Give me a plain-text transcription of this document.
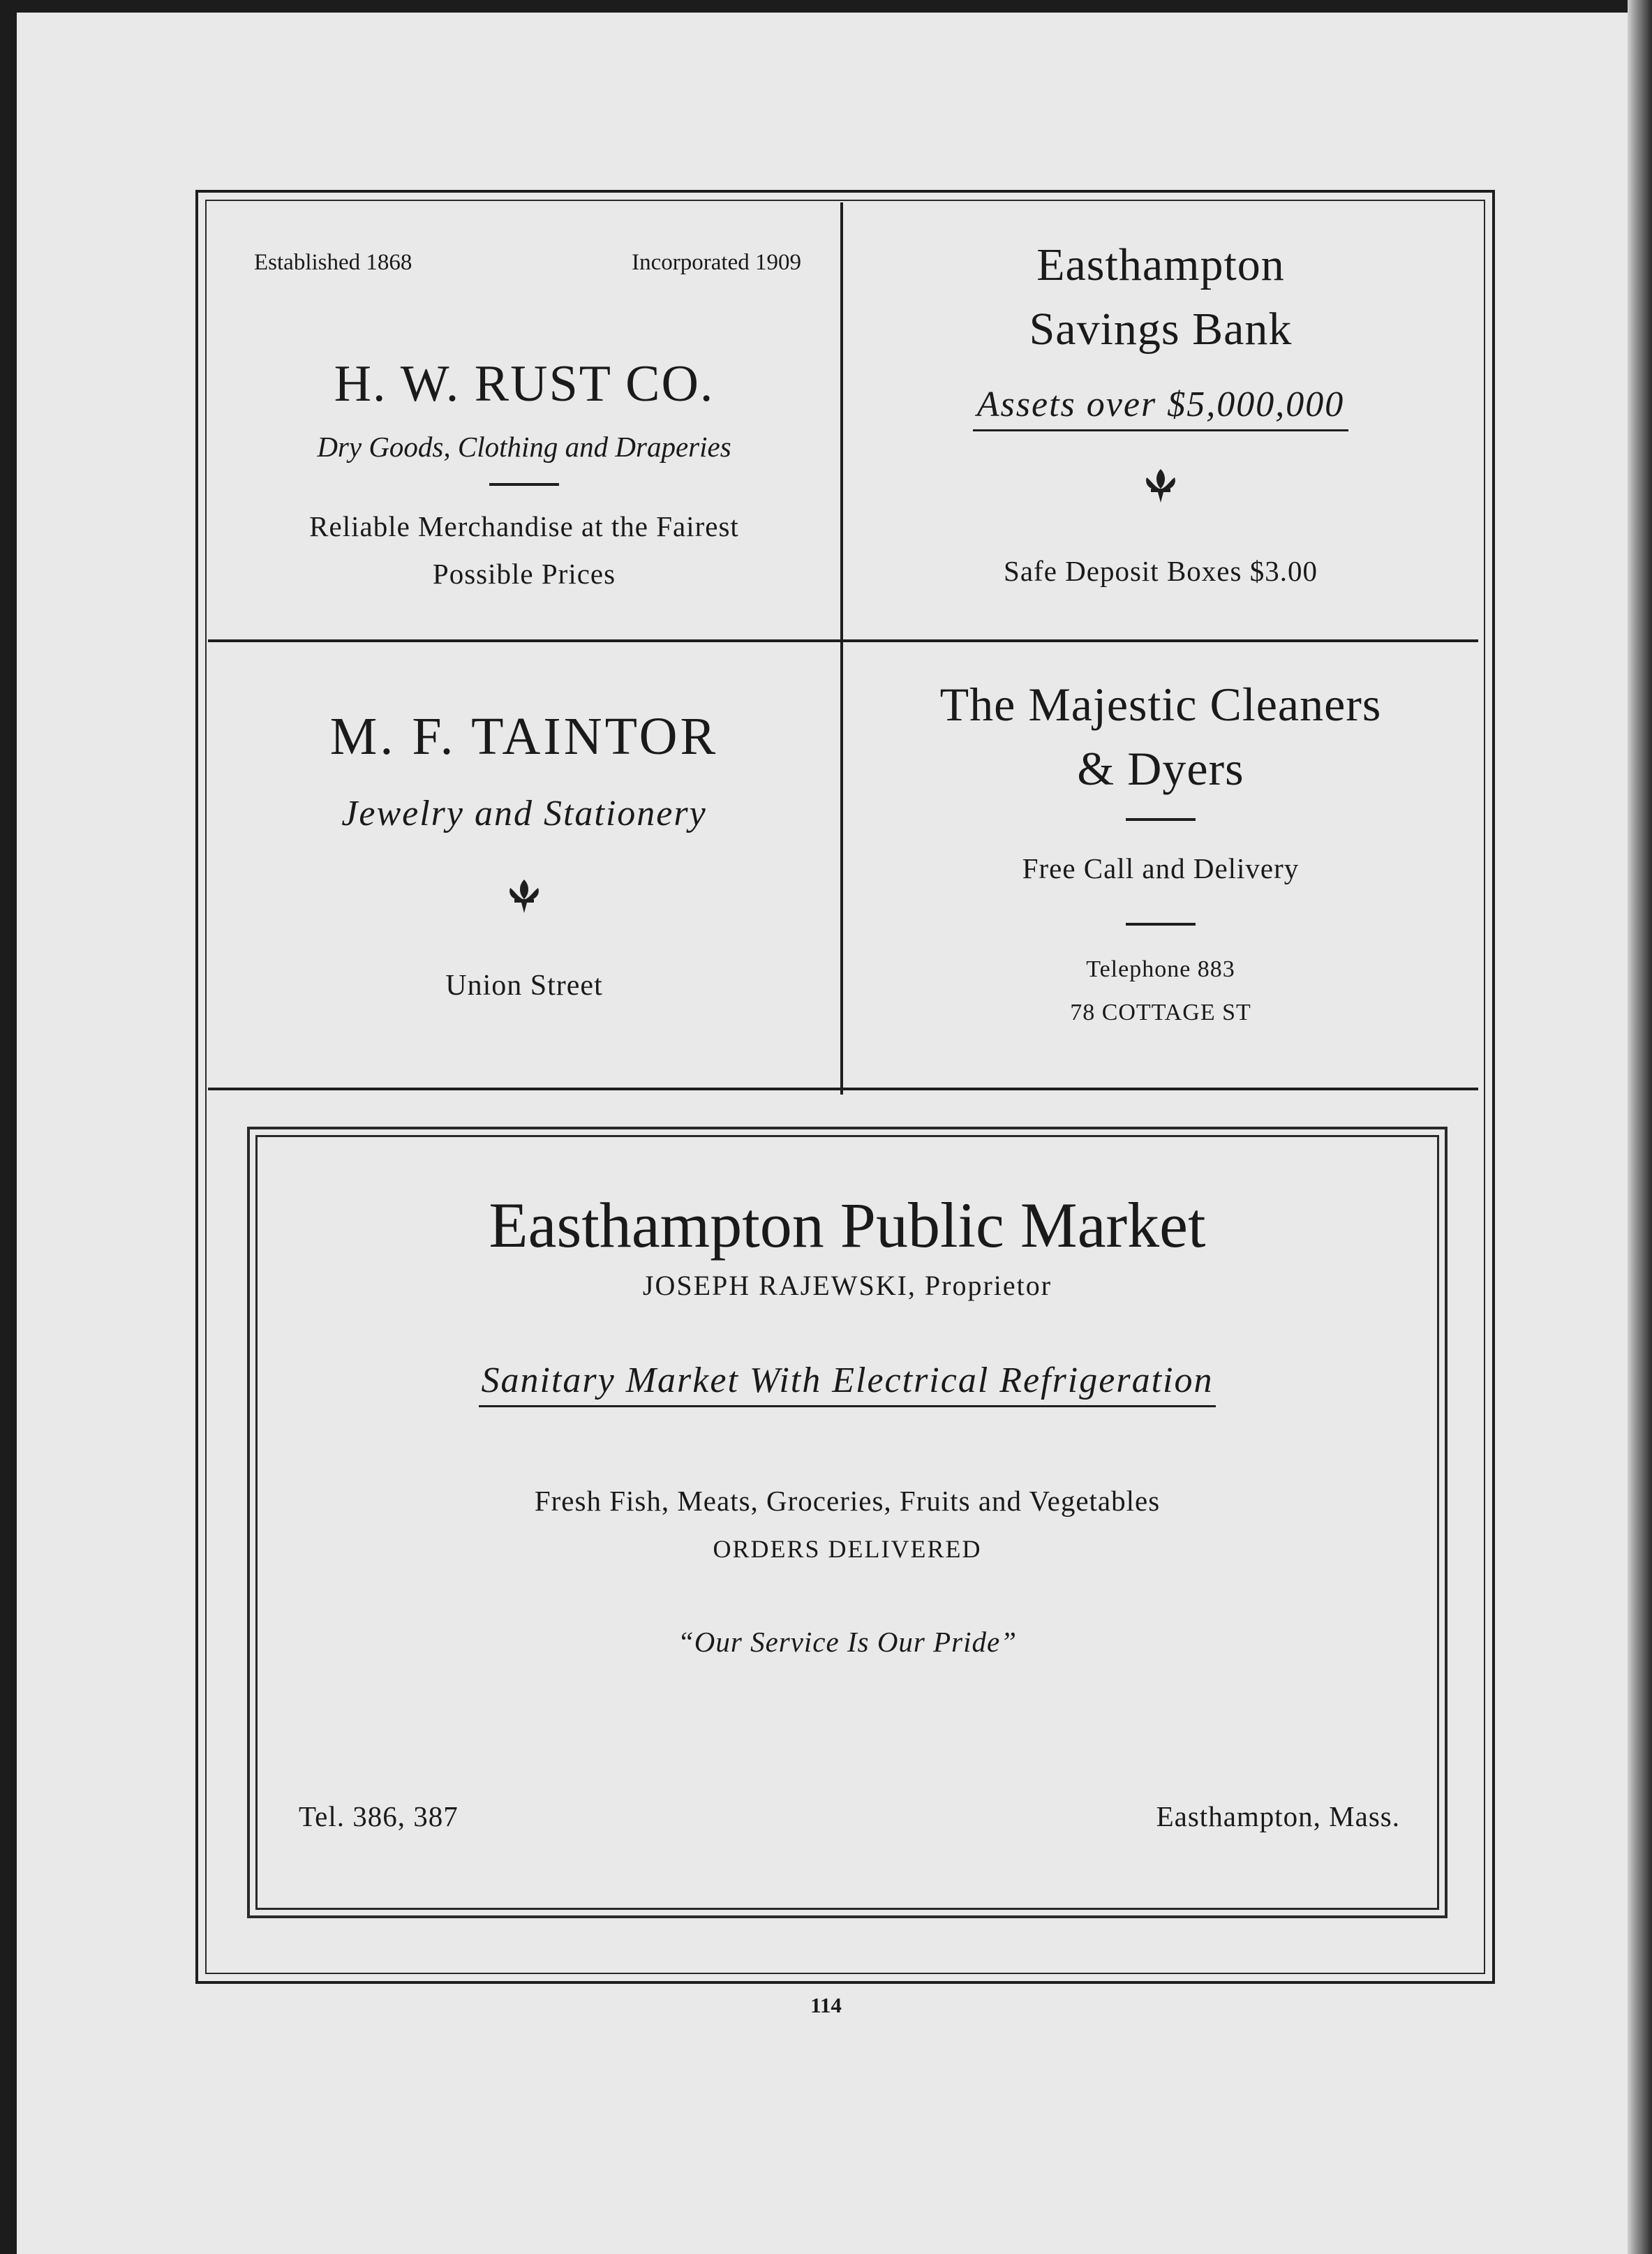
Established 1868	Incorporated 1909
H. W. RUST CO.
Dry Goods, Clothing and Draperies
Reliable Merchandise at the Fairest
Possible Prices
Easthampton
Savings Bank
Assets over $5,000,000
Safe Deposit Boxes $3.00
M. F. TAINTOR
Jewelry and Stationery
Union Street
The Majestic Cleaners
& Dyers
Free Call and Delivery
Telephone 883
78 COTTAGE ST
Easthampton Public Market
JOSEPH RAJEWSKI, Proprietor
Sanitary Market With Electrical Refrigeration
Fresh Fish, Meats, Groceries, Fruits and Vegetables
ORDERS DELIVERED
“Our Service Is Our Pride”
Tel. 386, 387	Easthampton, Mass.
114
